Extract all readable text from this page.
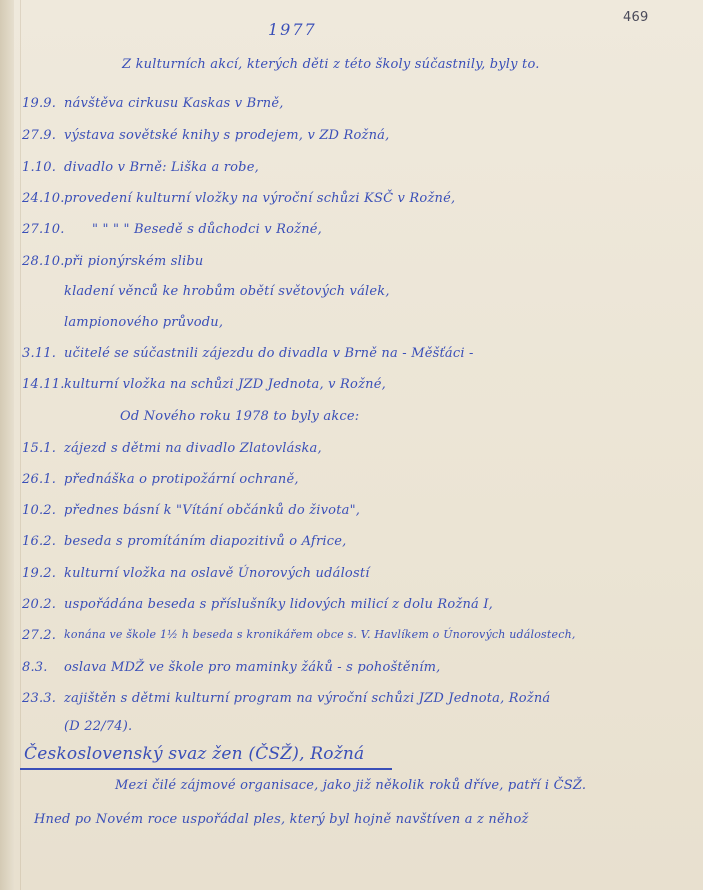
469
1977
Z kulturních akcí, kterých děti z této školy súčastnily, byly to.
19.9. návštěva cirkusu Kaskas v Brně,
27.9. výstava sovětské knihy s prodejem, v ZD Rožná,
1.10. divadlo v Brně: Liška a robe,
24.10. provedení kulturní vložky na výroční schůzi KSČ v Rožné,
27.10. " " " " Besedě s důchodci v Rožné,
28.10. při pionýrském slibu
kladení věnců ke hrobům obětí světových válek,
lampionového průvodu,
3.11. učitelé se súčastnili zájezdu do divadla v Brně na - Měšťáci -
14.11. kulturní vložka na schůzi JZD Jednota, v Rožné,
Od Nového roku 1978 to byly akce:
15.1. zájezd s dětmi na divadlo Zlatovláska,
26.1. přednáška o protipožární ochraně,
10.2. přednes básní k "Vítání občánků do života",
16.2. beseda s promítáním diapozitivů o Africe,
19.2. kulturní vložka na oslavě Únorových událostí
20.2. uspořádána beseda s příslušníky lidových milicí z dolu Rožná I,
27.2. konána ve škole 1½ h beseda s kronikářem obce s. V. Havlíkem o Únorových událostech,
8.3. oslava MDŽ ve škole pro maminky žáků - s pohoštěním,
23.3. zajištěn s dětmi kulturní program na výroční schůzi JZD Jednota, Rožná
(D 22/74).
Československý svaz žen (ČSŽ), Rožná
Mezi čilé zájmové organisace, jako již několik roků dříve, patří i ČSŽ.
Hned po Novém roce uspořádal ples, který byl hojně navštíven a z něhož
